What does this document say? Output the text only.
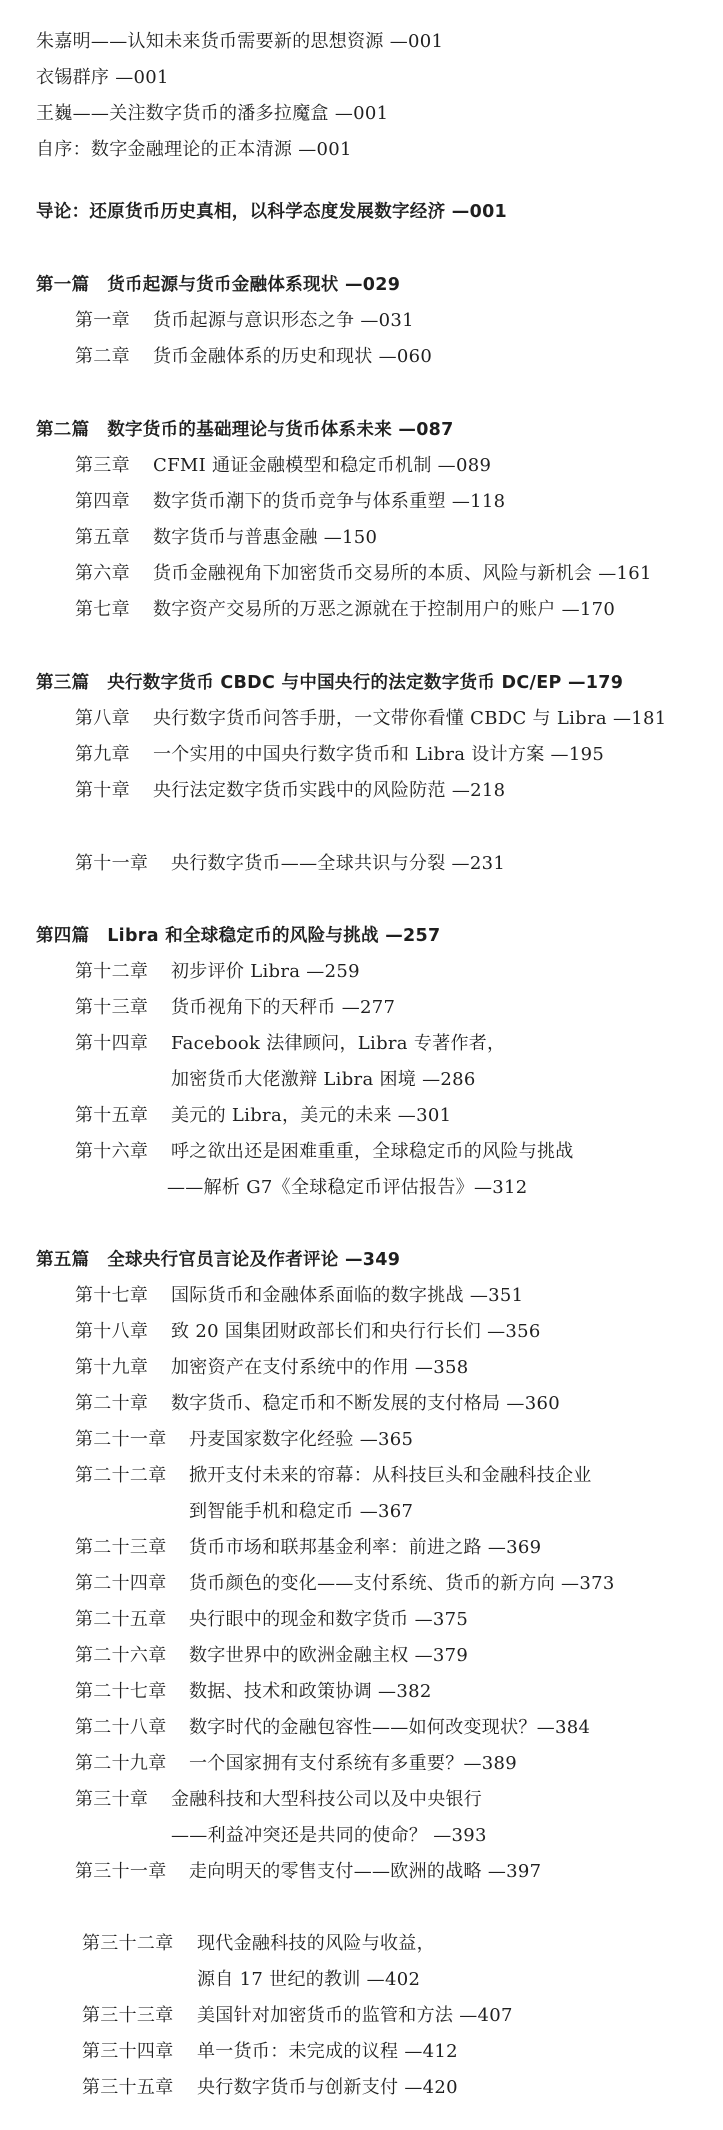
朱嘉明——认知未来货币需要新的思想资源 —001
衣锡群序 —001
王巍——关注数字货币的潘多拉魔盒 —001
自序：数字金融理论的正本清源 —001
导论：还原货币历史真相，以科学态度发展数字经济 —001
第一篇　货币起源与货币金融体系现状 —029
第一章 货币起源与意识形态之争 —031
第二章 货币金融体系的历史和现状 —060
第二篇　数字货币的基础理论与货币体系未来 —087
第三章 CFMI 通证金融模型和稳定币机制 —089
第四章 数字货币潮下的货币竞争与体系重塑 —118
第五章 数字货币与普惠金融 —150
第六章 货币金融视角下加密货币交易所的本质、风险与新机会 —161
第七章 数字资产交易所的万恶之源就在于控制用户的账户 —170
第三篇　央行数字货币 CBDC 与中国央行的法定数字货币 DC/EP —179
第八章 央行数字货币问答手册，一文带你看懂 CBDC 与 Libra —181
第九章 一个实用的中国央行数字货币和 Libra 设计方案 —195
第十章 央行法定数字货币实践中的风险防范 —218
第十一章 央行数字货币——全球共识与分裂 —231
第四篇　Libra 和全球稳定币的风险与挑战 —257
第十二章 初步评价 Libra —259
第十三章 货币视角下的天秤币 —277
第十四章 Facebook 法律顾问，Libra 专著作者，
加密货币大佬激辩 Libra 困境 —286
第十五章 美元的 Libra，美元的未来 —301
第十六章 呼之欲出还是困难重重，全球稳定币的风险与挑战
——解析 G7《全球稳定币评估报告》—312
第五篇　全球央行官员言论及作者评论 —349
第十七章 国际货币和金融体系面临的数字挑战 —351
第十八章 致 20 国集团财政部长们和央行行长们 —356
第十九章 加密资产在支付系统中的作用 —358
第二十章 数字货币、稳定币和不断发展的支付格局 —360
第二十一章 丹麦国家数字化经验 —365
第二十二章 掀开支付未来的帘幕：从科技巨头和金融科技企业
到智能手机和稳定币 —367
第二十三章 货币市场和联邦基金利率：前进之路 —369
第二十四章 货币颜色的变化——支付系统、货币的新方向 —373
第二十五章 央行眼中的现金和数字货币 —375
第二十六章 数字世界中的欧洲金融主权 —379
第二十七章 数据、技术和政策协调 —382
第二十八章 数字时代的金融包容性——如何改变现状？—384
第二十九章 一个国家拥有支付系统有多重要？—389
第三十章 金融科技和大型科技公司以及中央银行
——利益冲突还是共同的使命？ —393
第三十一章 走向明天的零售支付——欧洲的战略 —397
第三十二章 现代金融科技的风险与收益，
源自 17 世纪的教训 —402
第三十三章 美国针对加密货币的监管和方法 —407
第三十四章 单一货币：未完成的议程 —412
第三十五章 央行数字货币与创新支付 —420
